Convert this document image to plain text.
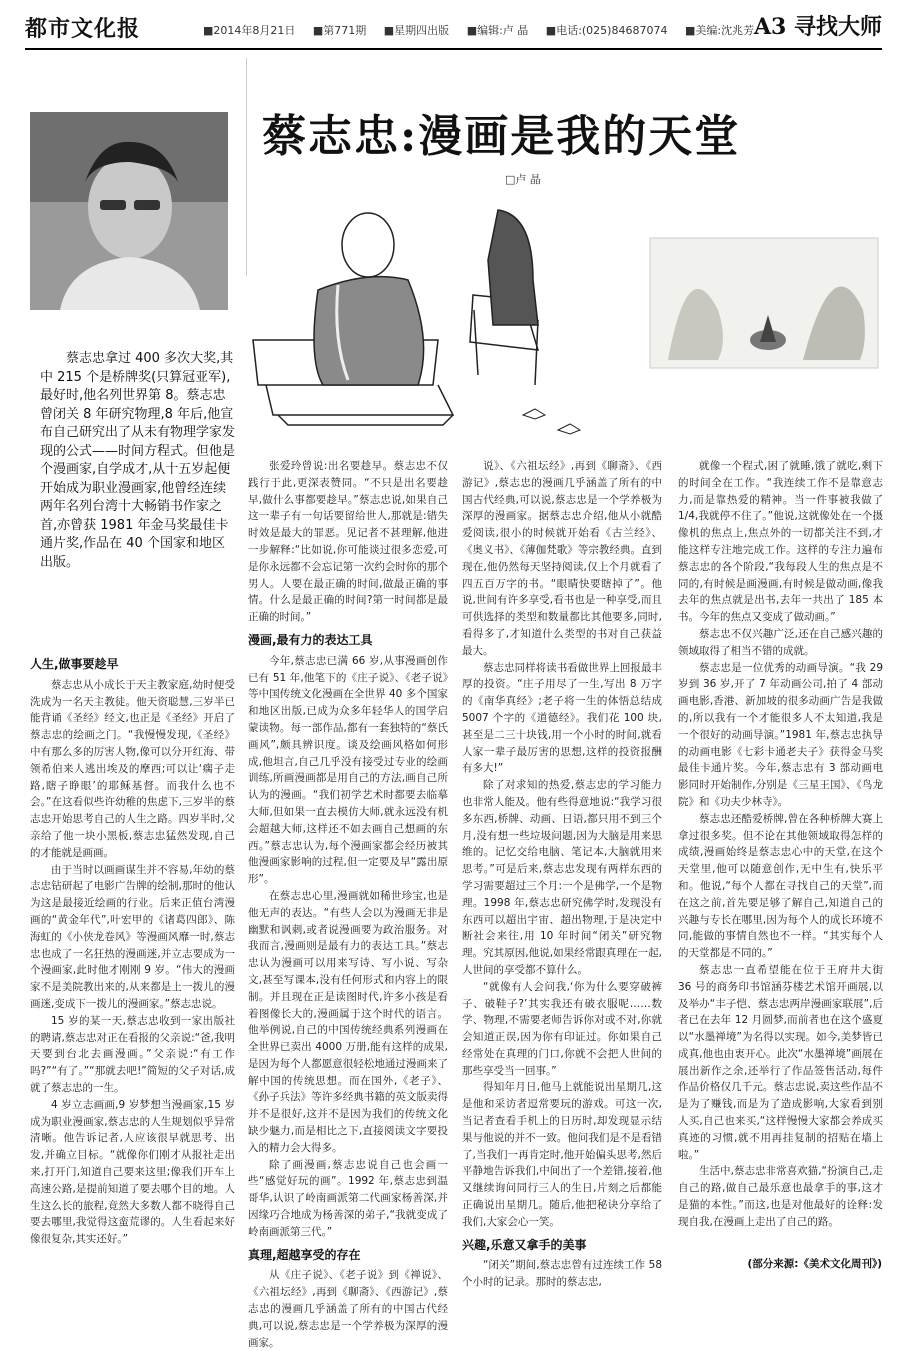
都市文化报	■2014年8月21日 ■第771期 ■星期四出版 ■编辑:卢 晶 ■电话:(025)84687074 ■美编:沈兆芳 A3 寻找大师
蔡志忠拿过 400 多次大奖,其中 215 个是桥牌奖(只算冠亚军),最好时,他名列世界第 8。蔡志忠曾闭关 8 年研究物理,8 年后,他宣布自己研究出了从未有物理学家发现的公式——时间方程式。但他是个漫画家,自学成才,从十五岁起便开始成为职业漫画家,他曾经连续两年名列台湾十大畅销书作家之首,亦曾获 1981 年金马奖最佳卡通片奖,作品在 40 个国家和地区出版。
蔡志忠:漫画是我的天堂
□卢 晶
人生,做事要趁早

蔡志忠从小成长于天主教家庭,幼时便受洗成为一名天主教徒。他天资聪慧,三岁半已能背诵《圣经》经文,也正是《圣经》开启了蔡志忠的绘画之门。“我慢慢发现,《圣经》中有那么多的厉害人物,像可以分开红海、带领希伯来人逃出埃及的摩西;可以让‘瘸子走路,瞎子睁眼’的耶稣基督。而我什么也不会。”在这看似些许幼稚的焦虑下,三岁半的蔡志忠开始思考自己的人生之路。四岁半时,父亲给了他一块小黑板,蔡志忠猛然发现,自己的才能就是画画。

由于当时以画画谋生并不容易,年幼的蔡志忠钻研起了电影广告牌的绘制,那时的他认为这是最接近绘画的行业。后来正值台湾漫画的“黄金年代”,叶宏甲的《诸葛四郎》、陈海虹的《小侠龙卷风》等漫画风靡一时,蔡志忠也成了一名狂热的漫画迷,并立志要成为一个漫画家,此时他才刚刚 9 岁。“伟大的漫画家不是美院教出来的,从来都是上一拨儿的漫画迷,变成下一拨儿的漫画家。”蔡志忠说。

15 岁的某一天,蔡志忠收到一家出版社的聘请,蔡志忠对正在看报的父亲说:“爸,我明天要到台北去画漫画。”父亲说:“有工作吗?”“有了。”“那就去吧!”简短的父子对话,成就了蔡志忠的一生。

4 岁立志画画,9 岁梦想当漫画家,15 岁成为职业漫画家,蔡志忠的人生规划似乎异常清晰。他告诉记者,人应该很早就思考、出发,并确立目标。“就像你们刚才从报社走出来,打开门,知道自己要来这里;像我们开车上高速公路,是提前知道了要去哪个目的地。人生这么长的旅程,竟然大多数人都不晓得自己要去哪里,我觉得这蛮荒谬的。人生看起来好像很复杂,其实还好。”

张爱玲曾说:出名要趁早。蔡志忠不仅践行于此,更深表赞同。“不只是出名要趁早,做什么事都要趁早。”蔡志忠说,如果自己这一辈子有一句话要留给世人,那就是:错失时效是最大的罪恶。见记者不甚理解,他进一步解释:“比如说,你可能谈过很多恋爱,可是你永远都不会忘记第一次约会时你的那个男人。人要在最正确的时间,做最正确的事情。什么是最正确的时间?第一时间都是最正确的时间。”

漫画,最有力的表达工具

今年,蔡志忠已满 66 岁,从事漫画创作已有 51 年,他笔下的《庄子说》、《老子说》等中国传统文化漫画在全世界 40 多个国家和地区出版,已成为众多年轻华人的国学启蒙读物。每一部作品,都有一套独特的“蔡氏画风”,颇具辨识度。谈及绘画风格如何形成,他坦言,自己几乎没有接受过专业的绘画训练,所画漫画都是用自己的方法,画自己所认为的漫画。“我们初学艺术时都要去临摹大师,但如果一直去模仿大师,就永远没有机会超越大师,这样还不如去画自己想画的东西。”蔡志忠认为,每个漫画家都会经历被其他漫画家影响的过程,但一定要及早“露出原形”。

在蔡志忠心里,漫画就如稀世珍宝,也是他无声的表达。“有些人会以为漫画无非是幽默和讽刺,或者说漫画要为政治服务。对我而言,漫画则是最有力的表达工具。”蔡志忠认为漫画可以用来写诗、写小说、写杂文,甚至写课本,没有任何形式和内容上的限制。并且现在正是读图时代,许多小孩是看着图像长大的,漫画属于这个时代的语言。他举例说,自己的中国传统经典系列漫画在全世界已卖出 4000 万册,能有这样的成果,是因为每个人都愿意很轻松地通过漫画来了解中国的传统思想。而在国外,《老子》、《孙子兵法》等许多经典书籍的英文版卖得并不是很好,这并不是因为我们的传统文化缺少魅力,而是相比之下,直接阅读文字要投入的精力会大得多。

除了画漫画,蔡志忠说自己也会画一些“感觉好玩的画”。1992 年,蔡志忠到温哥华,认识了岭南画派第二代画家杨善深,并因缘巧合地成为杨善深的弟子,“我就变成了岭南画派第三代。”

真理,超越享受的存在

从《庄子说》、《老子说》到《禅说》、《六祖坛经》,再到《聊斋》、《西游记》,蔡志忠的漫画几乎涵盖了所有的中国古代经典,可以说,蔡志忠是一个学养极为深厚的漫画家。

说》、《六祖坛经》,再到《聊斋》、《西游记》,蔡志忠的漫画几乎涵盖了所有的中国古代经典,可以说,蔡志忠是一个学养极为深厚的漫画家。据蔡志忠介绍,他从小就酷爱阅读,很小的时候就开始看《古兰经》、《奥义书》、《薄伽梵歌》等宗教经典。直到现在,他仍然每天坚持阅读,仅上个月就看了四五百万字的书。“眼睛快要瞎掉了”。他说,世间有许多享受,看书也是一种享受,而且可供选择的类型和数量都比其他要多,同时,看得多了,才知道什么类型的书对自己获益最大。

蔡志忠同样将读书看做世界上回报最丰厚的投资。“庄子用尽了一生,写出 8 万字的《南华真经》;老子将一生的体悟总结成 5007 个字的《道德经》。我们花 100 块,甚至是二三十块钱,用一个小时的时间,就看人家一辈子最厉害的思想,这样的投资报酬有多大!”

除了对求知的热爱,蔡志忠的学习能力也非常人能及。他有些得意地说:“我学习很多东西,桥牌、动画、日语,都只用不到三个月,没有想一些垃圾问题,因为大脑是用来思维的。记忆交给电脑、笔记本,大脑就用来思考。”可是后来,蔡志忠发现有两样东西的学习需要超过三个月:一个是佛学,一个是物理。1998 年,蔡志忠研究佛学时,发现没有东西可以超出宇宙、超出物理,于是决定中断社会来往,用 10 年时间“闭关”研究物理。究其原因,他说,如果经常跟真理在一起,人世间的享受都不算什么。

“就像有人会问我,‘你为什么要穿破裤子、破鞋子?’其实我还有破衣服呢……数学、物理,不需要老师告诉你对或不对,你就会知道正误,因为你有印证过。你如果自己经常处在真理的门口,你就不会把人世间的那些享受当一回事。”

得知年月日,他马上就能说出星期几,这是他和采访者逗常要玩的游戏。可这一次,当记者查看手机上的日历时,却发现显示结果与他说的并不一致。他问我们是不是看错了,当我们一再肯定时,他开始偏头思考,然后平静地告诉我们,中间出了一个差错,接着,他又继续询问同行三人的生日,片刻之后都能正确说出星期几。随后,他把秘诀分享给了我们,大家会心一笑。

兴趣,乐意又拿手的美事

“闭关”期间,蔡志忠曾有过连续工作 58 个小时的记录。那时的蔡志忠,

就像一个程式,困了就睡,饿了就吃,剩下的时间全在工作。“我连续工作不是靠意志力,而是靠热爱的精神。当一件事被我做了 1/4,我就停不住了。”他说,这就像处在一个摄像机的焦点上,焦点外的一切都关注不到,才能这样专注地完成工作。这样的专注力遍布蔡志忠的各个阶段,“我每段人生的焦点是不同的,有时候是画漫画,有时候是做动画,像我去年的焦点就是出书,去年一共出了 185 本书。今年的焦点又变成了做动画。”

蔡志忠不仅兴趣广泛,还在自己感兴趣的领域取得了相当不错的成就。

蔡志忠是一位优秀的动画导演。“我 29 岁到 36 岁,开了 7 年动画公司,拍了 4 部动画电影,香港、新加坡的很多动画广告是我做的,所以我有一个才能很多人不太知道,我是一个很好的动画导演。”1981 年,蔡志忠执导的动画电影《七彩卡通老夫子》获得金马奖最佳卡通片奖。今年,蔡志忠有 3 部动画电影同时开始制作,分别是《三星王国》、《鸟龙院》和《功夫少林寺》。

蔡志忠还酷爱桥牌,曾在各种桥牌大赛上拿过很多奖。但不论在其他领域取得怎样的成绩,漫画始终是蔡志忠心中的天堂,在这个天堂里,他可以随意创作,无中生有,快乐平和。他说,“每个人都在寻找自己的天堂”,而在这之前,首先要足够了解自己,知道自己的兴趣与专长在哪里,因为每个人的成长环境不同,能做的事情自然也不一样。“其实每个人的天堂都是不同的。”

蔡志忠一直希望能在位于王府井大街 36 号的商务印书馆涵芬楼艺术馆开画展,以及举办“丰子恺、蔡志忠两岸漫画家联展”,后者已在去年 12 月圆梦,而前者也在这个盛夏以“水墨禅境”为名得以实现。如今,美梦皆已成真,他也由衷开心。此次“水墨禅境”画展在展出新作之余,还举行了作品签售活动,每件作品价格仅几千元。蔡志忠说,卖这些作品不是为了赚钱,而是为了造成影响,大家看到别人买,自己也来买,“这样慢慢大家都会养成买真迹的习惯,就不用再挂复制的招贴在墙上啦。”

生活中,蔡志忠非常喜欢猫,“扮演自己,走自己的路,做自己最乐意也最拿手的事,这才是猫的本性。”而这,也是对他最好的诠释:发现自我,在漫画上走出了自己的路。

(部分来源:《美术文化周刊》)
